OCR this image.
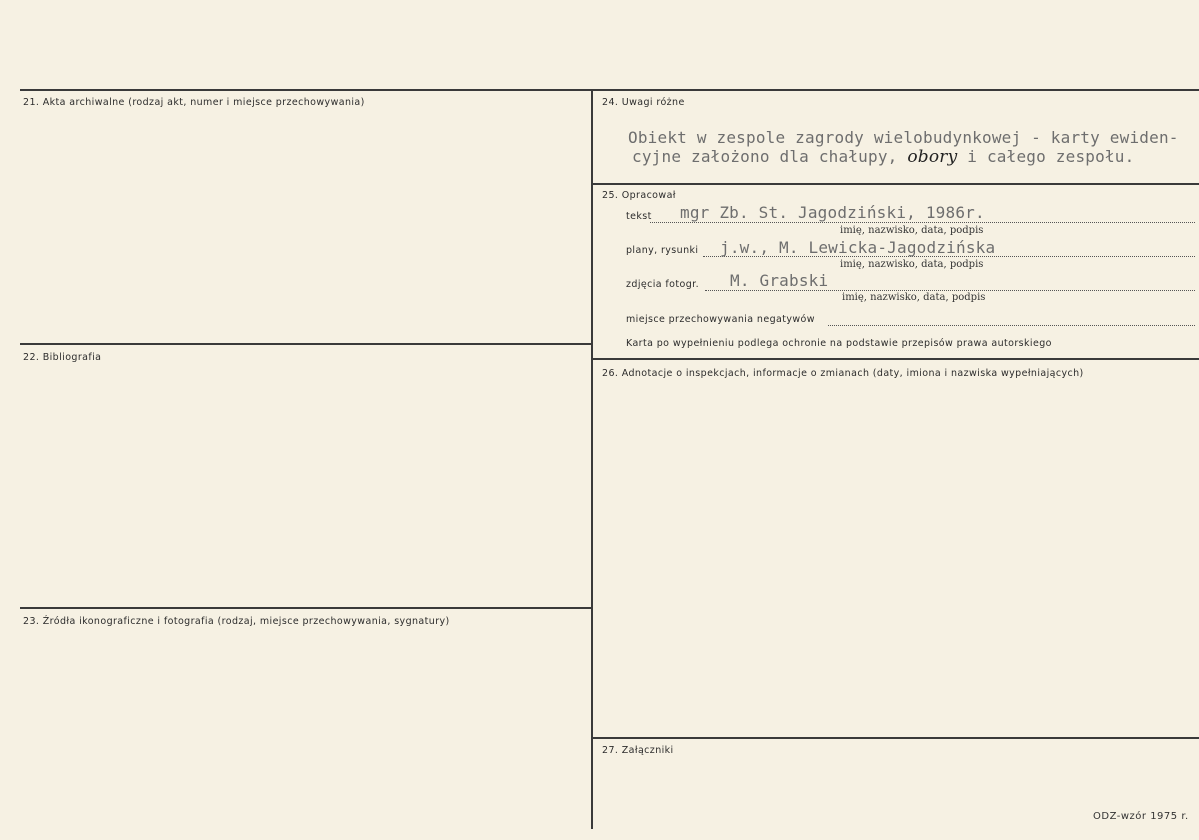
21. Akta archiwalne (rodzaj akt, numer i miejsce przechowywania)
22. Bibliografia
23. Źródła ikonograficzne i fotografia (rodzaj, miejsce przechowywania, sygnatury)
24. Uwagi różne
Obiekt w zespole zagrody wielobudynkowej - karty ewiden-
cyjne założono dla chałupy, obory i całego zespołu.
25. Opracował
tekst mgr Zb. St. Jagodziński, 1986r.
imię, nazwisko, data, podpis
plany, rysunki j.w., M. Lewicka-Jagodzińska
imię, nazwisko, data, podpis
zdjęcia fotogr. M. Grabski
imię, nazwisko, data, podpis
miejsce przechowywania negatywów
Karta po wypełnieniu podlega ochronie na podstawie przepisów prawa autorskiego
26. Adnotacje o inspekcjach, informacje o zmianach (daty, imiona i nazwiska wypełniających)
27. Załączniki
ODZ-wzór 1975 r.
